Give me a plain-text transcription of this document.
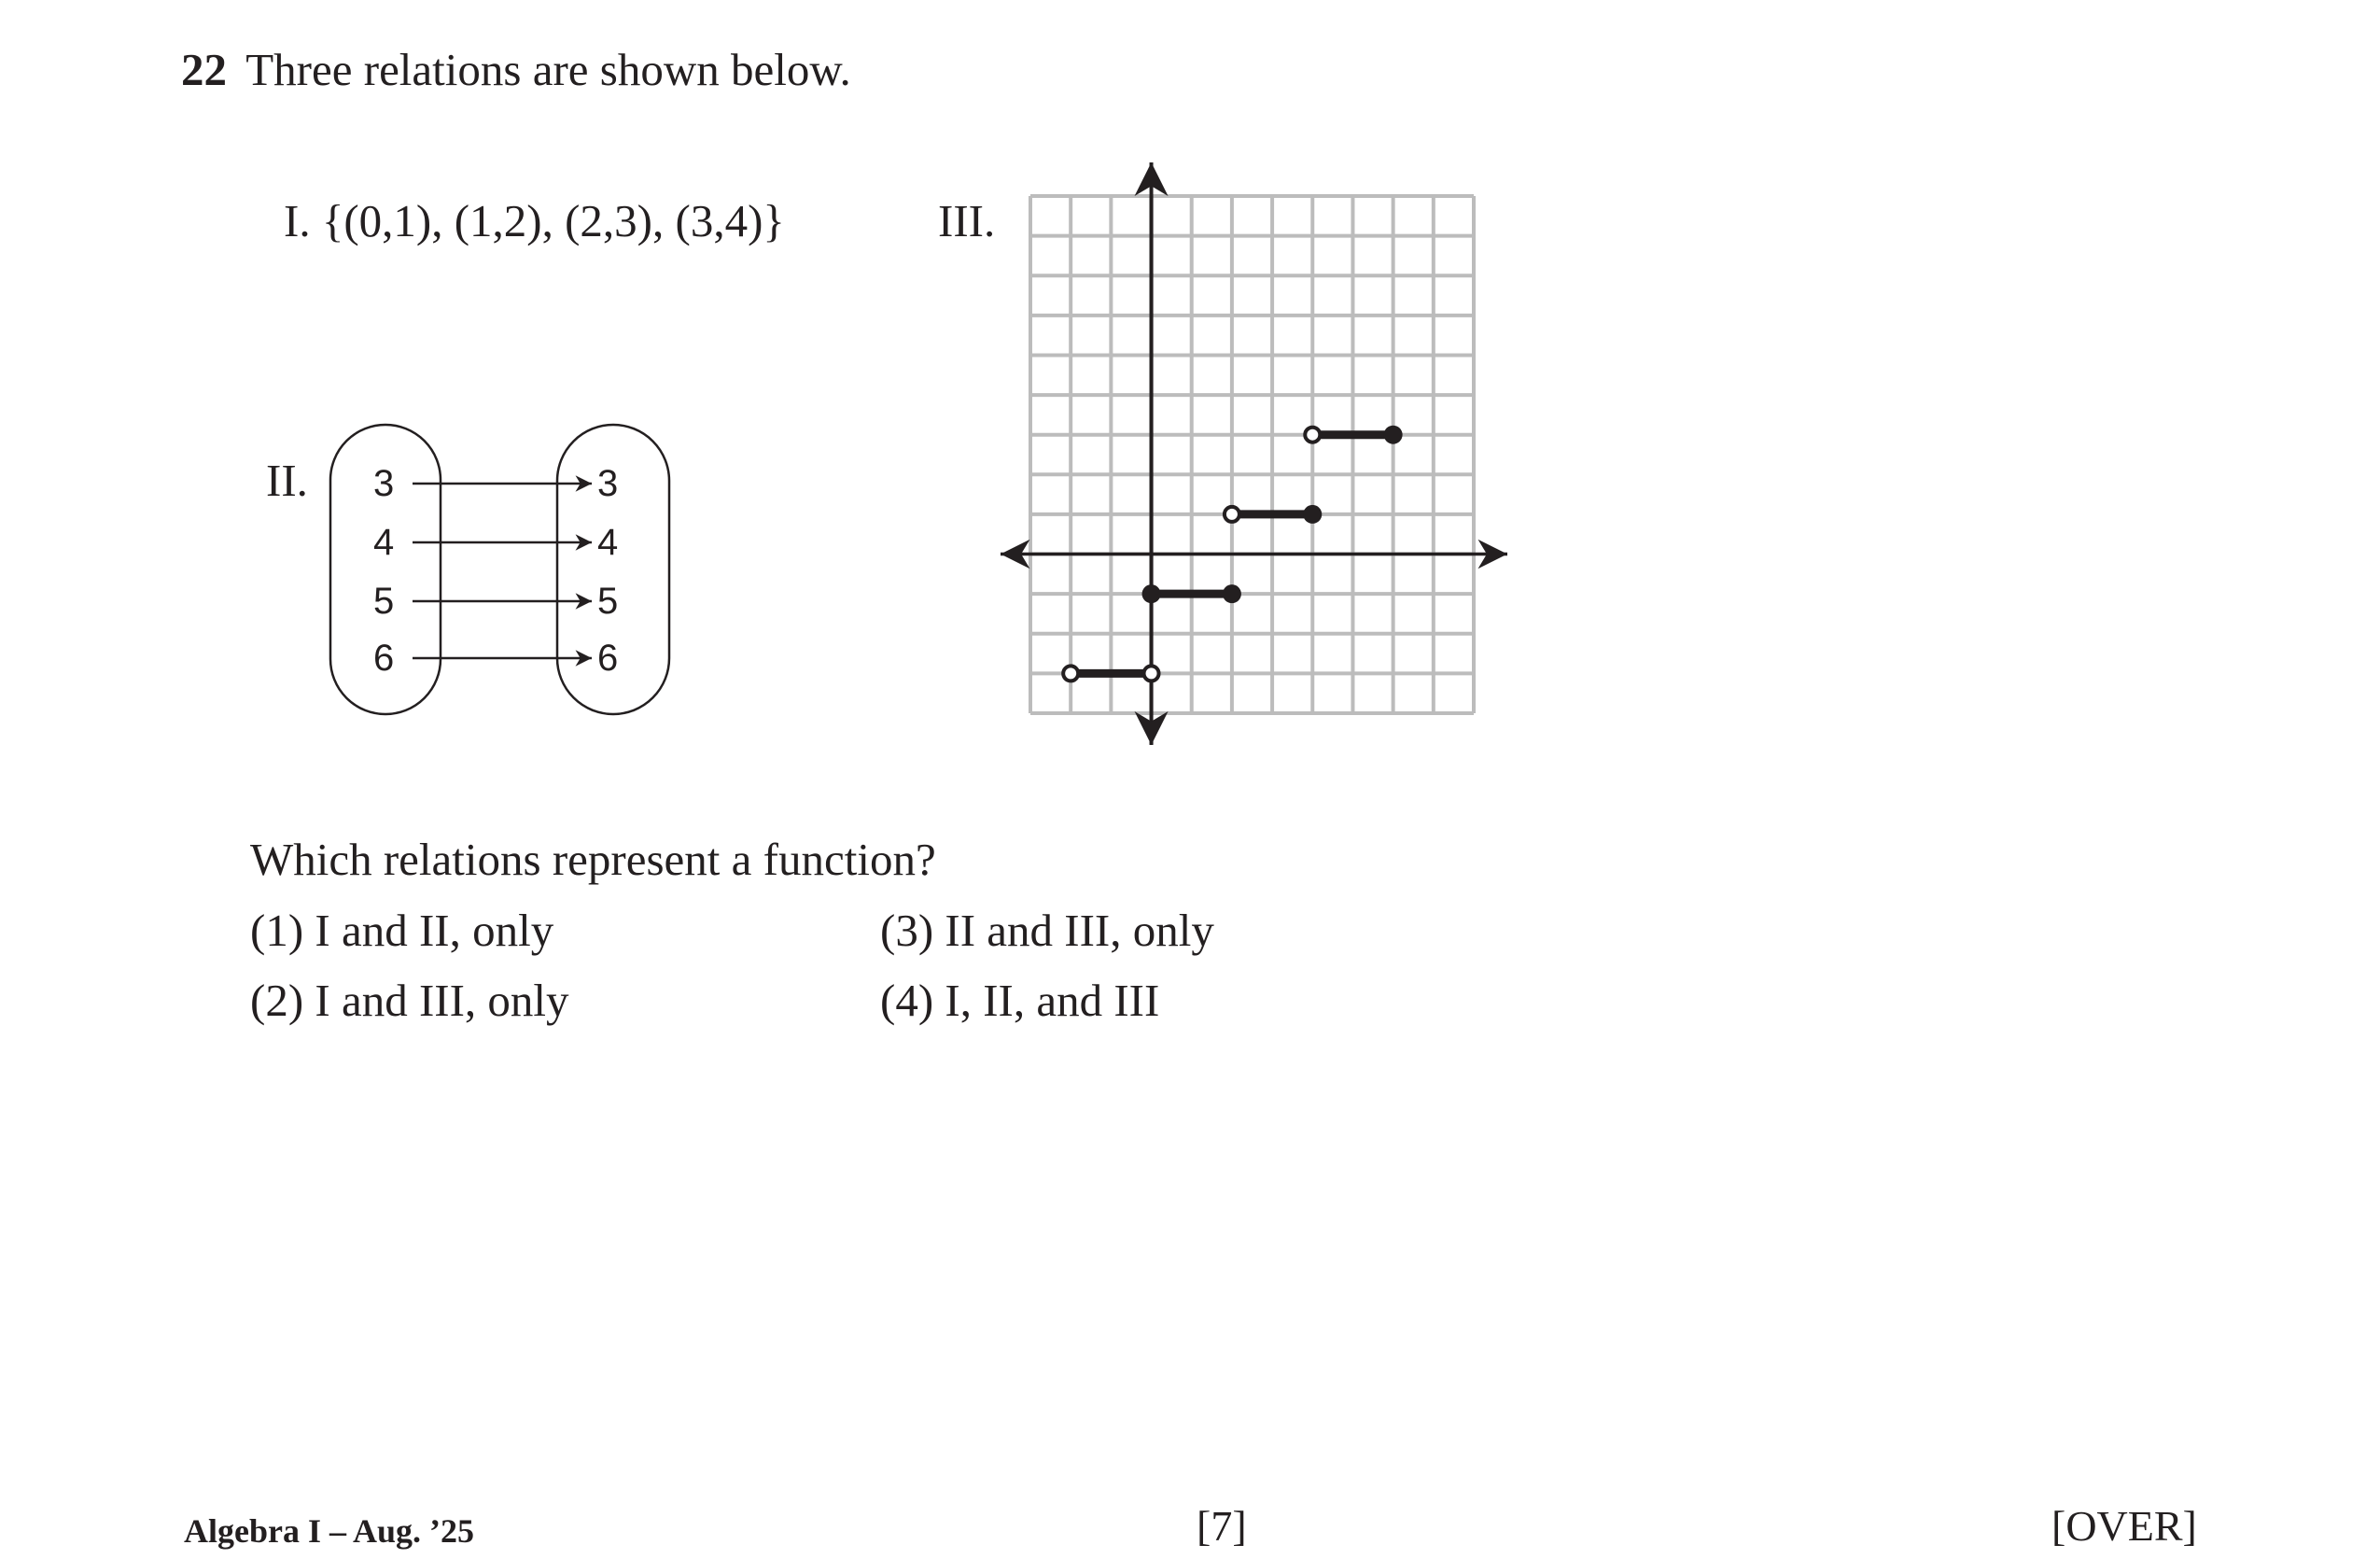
22 Three relations are shown below.
I. {(0,1), (1,2), (2,3), (3,4)}
II.
III.
3
4
5
6
3
4
5
6
Which relations represent a function?
(1) I and II, only
(2) I and III, only
(3) II and III, only
(4) I, II, and III
Algebra I – Aug. ’25	[7]	[OVER]
